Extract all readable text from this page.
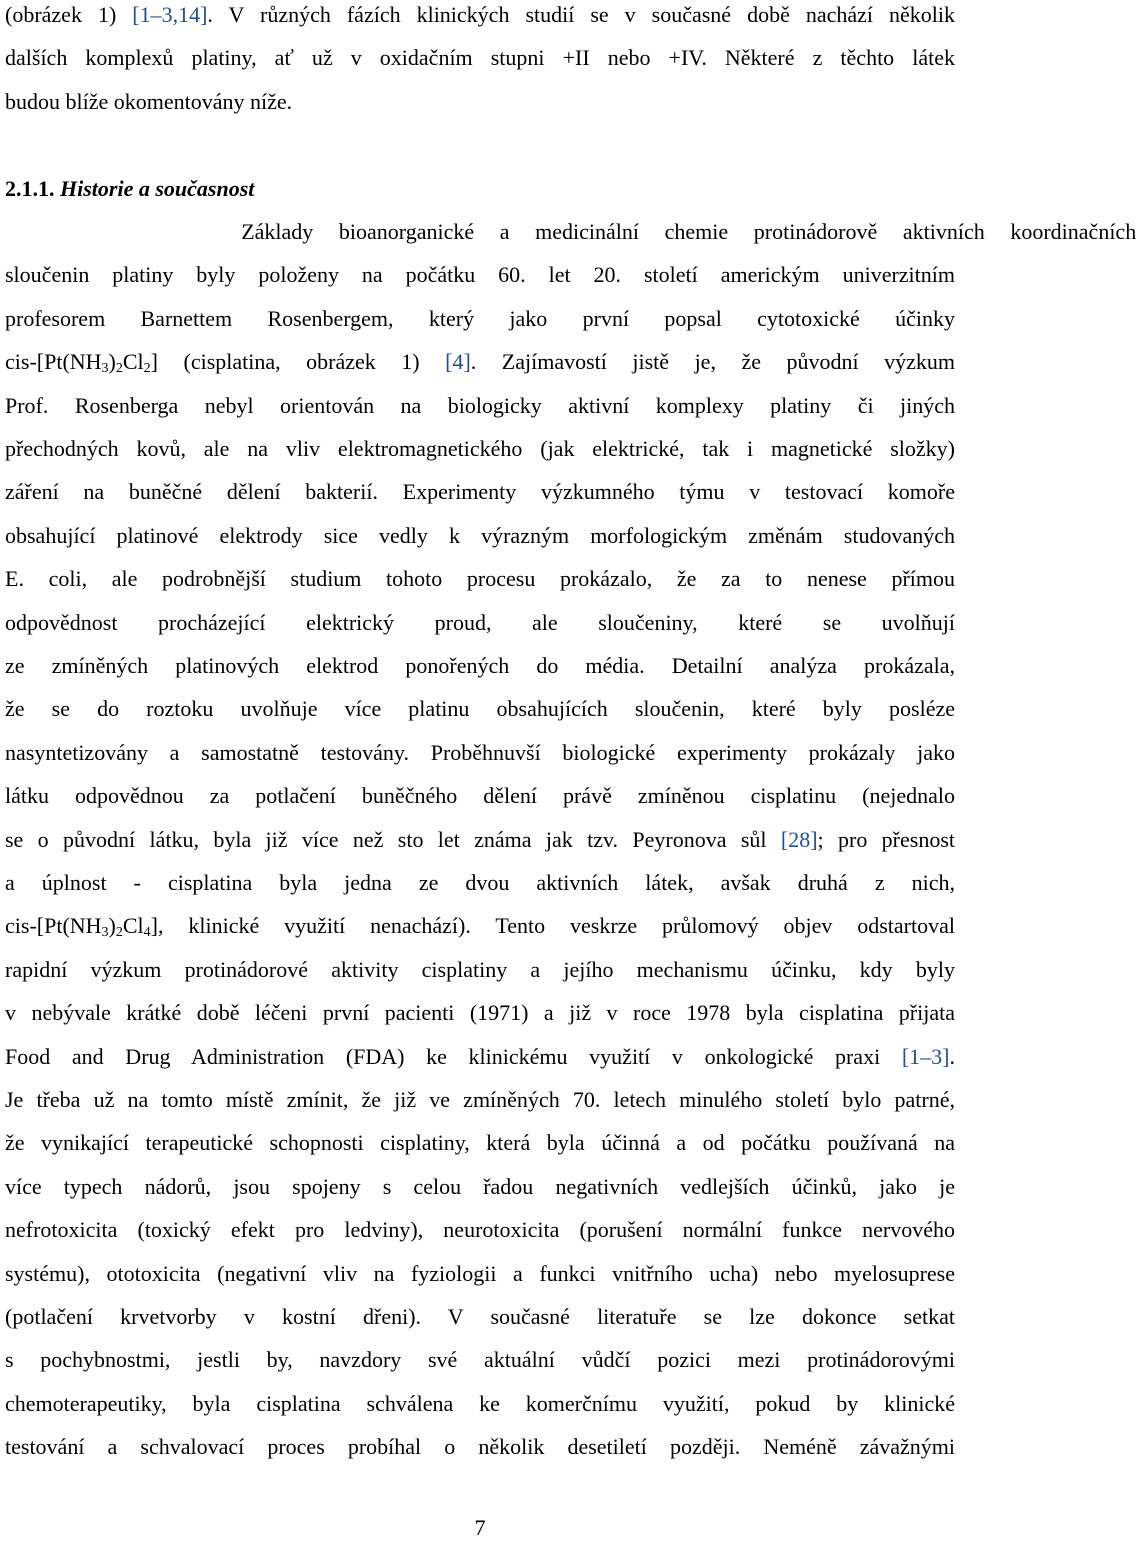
(obrázek 1) [1–3,14]. V různých fázích klinických studií se v současné době nachází několik
dalších komplexů platiny, ať už v oxidačním stupni +II nebo +IV. Některé z těchto látek
budou blíže okomentovány níže.
2.1.1. Historie a současnost
Základy bioanorganické a medicinální chemie protinádorově aktivních koordinačních
sloučenin platiny byly položeny na počátku 60. let 20. století americkým univerzitním
profesorem Barnettem Rosenbergem, který jako první popsal cytotoxické účinky
cis-$[Pt(NH_3)_2Cl_2]$ (cisplatina, obrázek 1) [4]. Zajímavostí jistě je, že původní výzkum
Prof. Rosenberga nebyl orientován na biologicky aktivní komplexy platiny či jiných
přechodných kovů, ale na vliv elektromagnetického (jak elektrické, tak i magnetické složky)
záření na buněčné dělení bakterií. Experimenty výzkumného týmu v testovací komoře
obsahující platinové elektrody sice vedly k výrazným morfologickým změnám studovaných
E. coli, ale podrobnější studium tohoto procesu prokázalo, že za to nenese přímou
odpovědnost procházející elektrický proud, ale sloučeniny, které se uvolňují
ze zmíněných platinových elektrod ponořených do média. Detailní analýza prokázala,
že se do roztoku uvolňuje více platinu obsahujících sloučenin, které byly posléze
nasyntetizovány a samostatně testovány. Proběhnuvší biologické experimenty prokázaly jako
látku odpovědnou za potlačení buněčného dělení právě zmíněnou cisplatinu (nejednalo
se o původní látku, byla již více než sto let známa jak tzv. Peyronova sůl [28]; pro přesnost
a úplnost - cisplatina byla jedna ze dvou aktivních látek, avšak druhá z nich,
cis-$[Pt(NH_3)_2Cl_4]$, klinické využití nenachází). Tento veskrze průlomový objev odstartoval
rapidní výzkum protinádorové aktivity cisplatiny a jejího mechanismu účinku, kdy byly
v nebývale krátké době léčeni první pacienti (1971) a již v roce 1978 byla cisplatina přijata
Food and Drug Administration (FDA) ke klinickému využití v onkologické praxi [1–3].
Je třeba už na tomto místě zmínit, že již ve zmíněných 70. letech minulého století bylo patrné,
že vynikající terapeutické schopnosti cisplatiny, která byla účinná a od počátku používaná na
více typech nádorů, jsou spojeny s celou řadou negativních vedlejších účinků, jako je
nefrotoxicita (toxický efekt pro ledviny), neurotoxicita (porušení normální funkce nervového
systému), ototoxicita (negativní vliv na fyziologii a funkci vnitřního ucha) nebo myelosuprese
(potlačení krvetvorby v kostní dřeni). V současné literatuře se lze dokonce setkat
s pochybnostmi, jestli by, navzdory své aktuální vůdčí pozici mezi protinádorovými
chemoterapeutiky, byla cisplatina schválena ke komerčnímu využití, pokud by klinické
testování a schvalovací proces probíhal o několik desetiletí později. Neméně závažnými
7
